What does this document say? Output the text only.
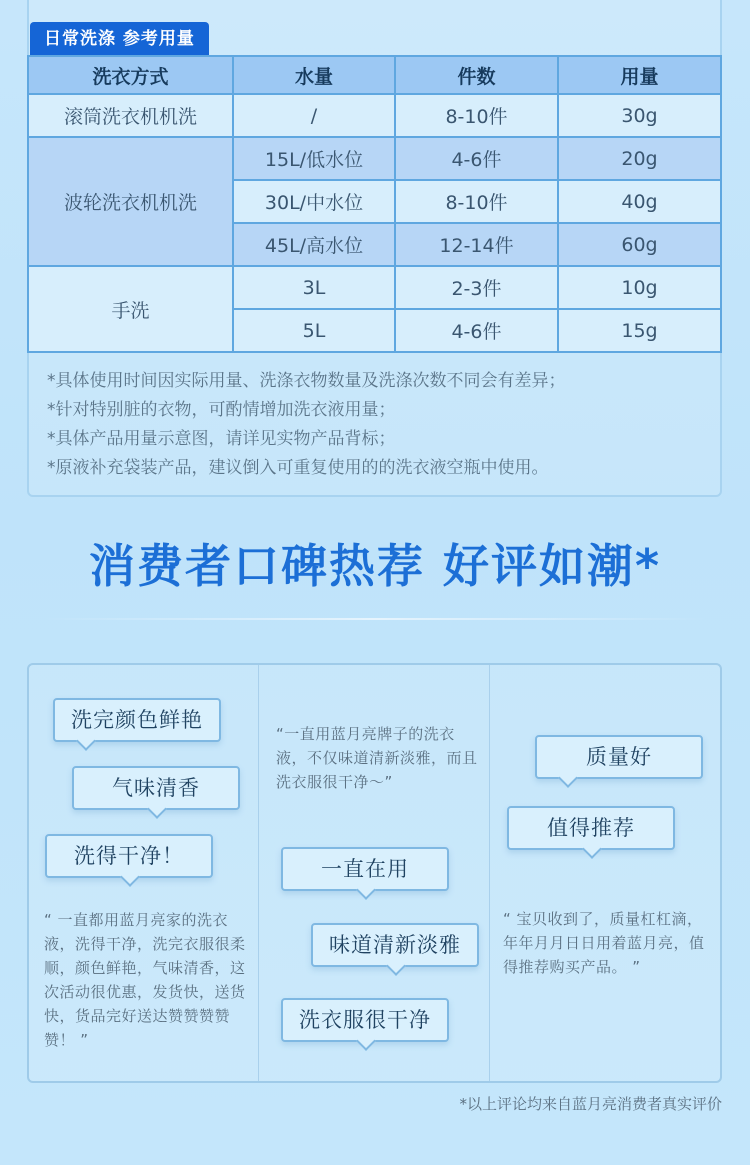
日常洗涤 参考用量
洗衣方式	水量	件数	用量
滚筒洗衣机机洗	/	8-10件	30g
波轮洗衣机机洗	15L/低水位	4-6件	20g
	30L/中水位	8-10件	40g
	45L/高水位	12-14件	60g
手洗	3L	2-3件	10g
	5L	4-6件	15g
*具体使用时间因实际用量、洗涤衣物数量及洗涤次数不同会有差异；
*针对特别脏的衣物，可酌情增加洗衣液用量；
*具体产品用量示意图，请详见实物产品背标；
*原液补充袋装产品，建议倒入可重复使用的的洗衣液空瓶中使用。
消费者口碑热荐 好评如潮*
洗完颜色鲜艳
气味清香
洗得干净！
“ 一直都用蓝月亮家的洗衣液，洗得干净，洗完衣服很柔顺，颜色鲜艳，气味清香，这次活动很优惠，发货快，送货快，货品完好送达赞赞赞赞赞！ ”
“一直用蓝月亮牌子的洗衣液，不仅味道清新淡雅，而且洗衣服很干净～”
一直在用
味道清新淡雅
洗衣服很干净
质量好
值得推荐
“ 宝贝收到了，质量杠杠滴，年年月月日日用着蓝月亮，值得推荐购买产品。 ”
*以上评论均来自蓝月亮消费者真实评价
